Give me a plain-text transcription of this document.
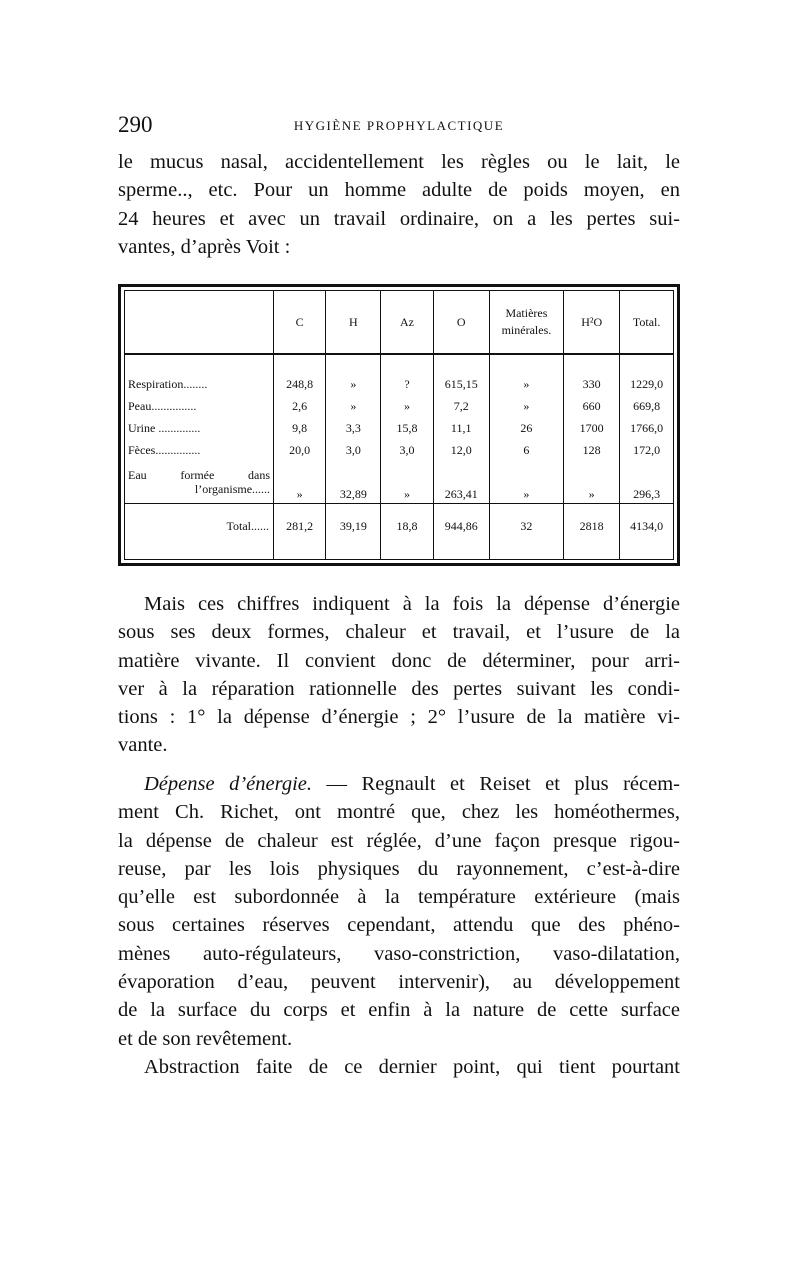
290	HYGIÈNE PROPHYLACTIQUE

le mucus nasal, accidentellement les règles ou le lait, le
sperme.., etc. Pour un homme adulte de poids moyen, en
24 heures et avec un travail ordinaire, on a les pertes sui-
vantes, d’après Voit :

	C	H	Az	O	Matières minérales.	H²O	Total.

Respiration........	248,8	»	?	615,15	»	330	1229,0
Peau...............	2,6	»	»	7,2	»	660	669,8
Urine ..............	9,8	3,3	15,8	11,1	26	1700	1766,0
Fèces...............	20,0	3,0	3,0	12,0	6	128	172,0

Eau formée dans
l’organisme......	»	32,89	»	263,41	»	»	296,3
Total......	281,2	39,19	18,8	944,86	32	2818	4134,0

Mais ces chiffres indiquent à la fois la dépense d’énergie
sous ses deux formes, chaleur et travail, et l’usure de la
matière vivante. Il convient donc de déterminer, pour arri-
ver à la réparation rationnelle des pertes suivant les condi-
tions : 1° la dépense d’énergie ; 2° l’usure de la matière vi-
vante.

Dépense d’énergie. — Regnault et Reiset et plus récem-
ment Ch. Richet, ont montré que, chez les homéothermes,
la dépense de chaleur est réglée, d’une façon presque rigou-
reuse, par les lois physiques du rayonnement, c’est-à-dire
qu’elle est subordonnée à la température extérieure (mais
sous certaines réserves cependant, attendu que des phéno-
mènes auto-régulateurs, vaso-constriction, vaso-dilatation,
évaporation d’eau, peuvent intervenir), au développement
de la surface du corps et enfin à la nature de cette surface
et de son revêtement.

Abstraction faite de ce dernier point, qui tient pourtant
